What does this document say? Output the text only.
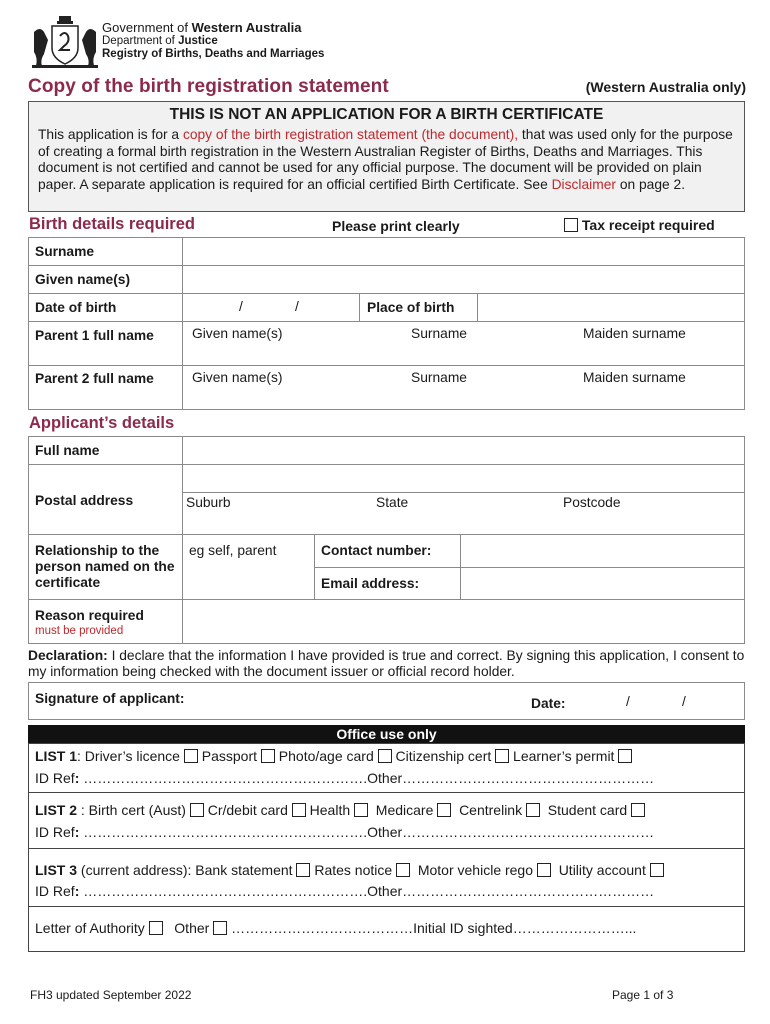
Government of Western Australia
Department of Justice
Registry of Births, Deaths and Marriages
Copy of the birth registration statement	(Western Australia only)
THIS IS NOT AN APPLICATION FOR A BIRTH CERTIFICATE
This application is for a copy of the birth registration statement (the document), that was used only for the purpose of creating a formal birth registration in the Western Australian Register of Births, Deaths and Marriages. This document is not certified and cannot be used for any official purpose. The document will be provided on plain paper. A separate application is required for an official certified Birth Certificate. See Disclaimer on page 2.
Birth details required	Please print clearly	Tax receipt required
Surname
Given name(s)
Date of birth	/	/	Place of birth
Parent 1 full name	Given name(s)	Surname	Maiden surname
Parent 2 full name	Given name(s)	Surname	Maiden surname
Applicant’s details
Full name
Postal address	Suburb	State	Postcode
Relationship to the person named on the certificate
eg self, parent	Contact number:
Email address:
Reason required
must be provided
Declaration: I declare that the information I have provided is true and correct. By signing this application, I consent to my information being checked with the document issuer or official record holder.
Signature of applicant:	Date:	/	/
Office use only
LIST 1: Driver’s licence Passport Photo/age card Citizenship cert Learner’s permit
ID Ref: …………………………………………………….Other………………………………………………
LIST 2 : Birth cert (Aust) Cr/debit card Health Medicare Centrelink Student card
ID Ref: …………………………………………………….Other………………………………………………
LIST 3 (current address): Bank statement Rates notice Motor vehicle rego Utility account
ID Ref: …………………………………………………….Other………………………………………………
Letter of Authority Other  …………………………………Initial ID sighted……………………...
FH3 updated September 2022	Page 1 of 3
